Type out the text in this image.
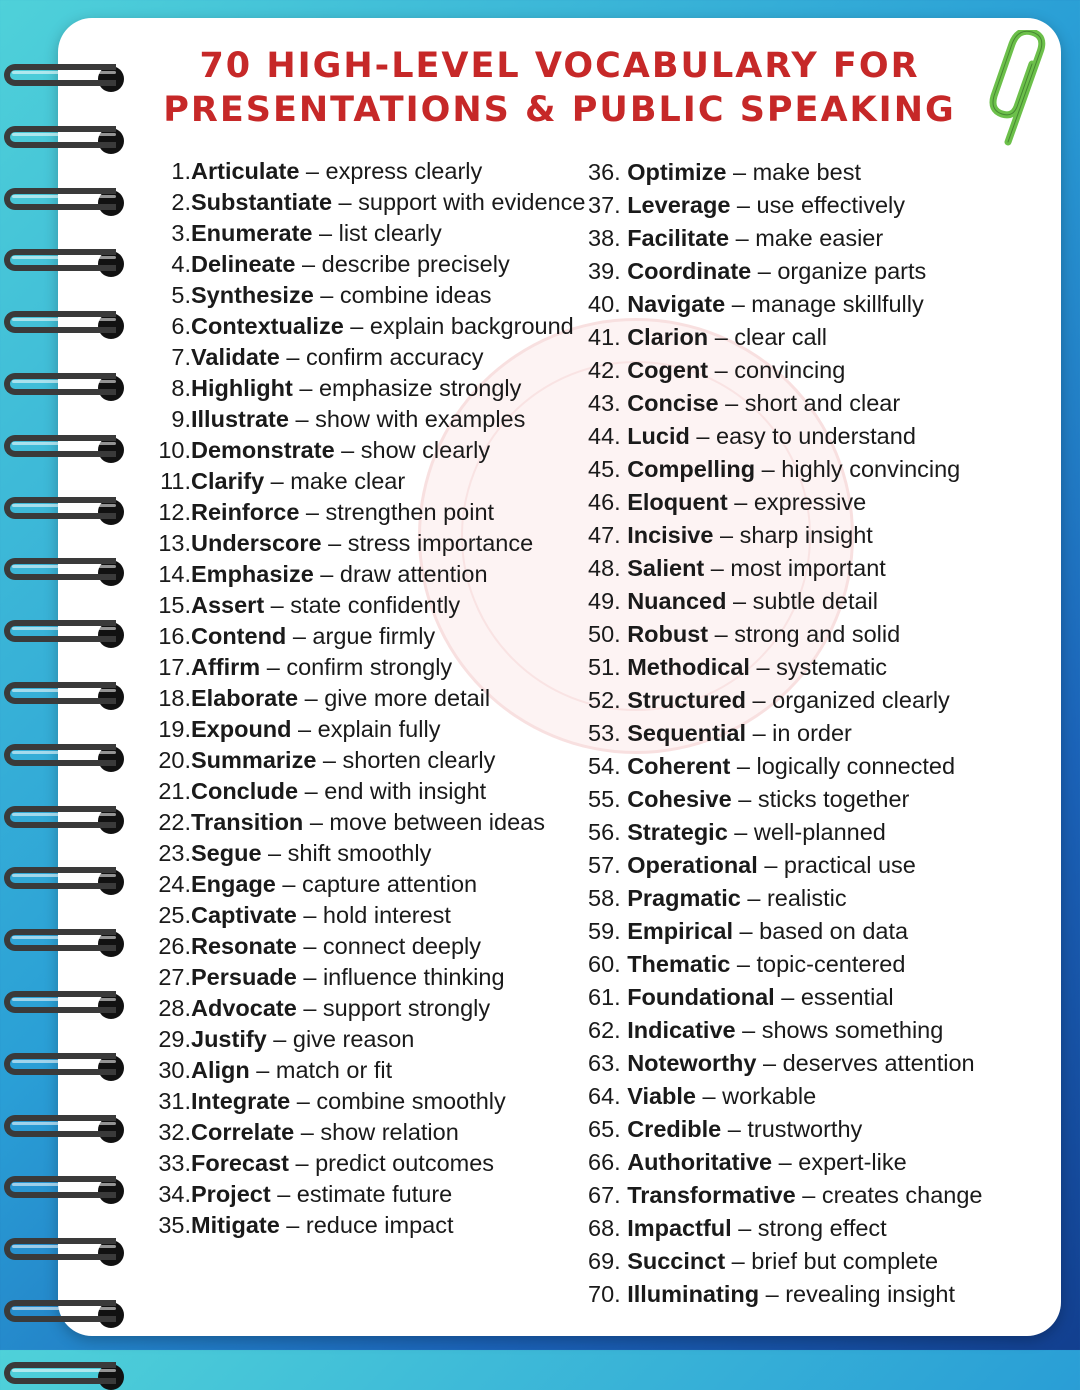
70 HIGH-LEVEL VOCABULARY FOR
PRESENTATIONS & PUBLIC SPEAKING
1. Articulate – express clearly
2. Substantiate – support with evidence
3. Enumerate – list clearly
4. Delineate – describe precisely
5. Synthesize – combine ideas
6. Contextualize – explain background
7. Validate – confirm accuracy
8. Highlight – emphasize strongly
9. Illustrate – show with examples
10. Demonstrate – show clearly
11. Clarify – make clear
12. Reinforce – strengthen point
13. Underscore – stress importance
14. Emphasize – draw attention
15. Assert – state confidently
16. Contend – argue firmly
17. Affirm – confirm strongly
18. Elaborate – give more detail
19. Expound – explain fully
20. Summarize – shorten clearly
21. Conclude – end with insight
22. Transition – move between ideas
23. Segue – shift smoothly
24. Engage – capture attention
25. Captivate – hold interest
26. Resonate – connect deeply
27. Persuade – influence thinking
28. Advocate – support strongly
29. Justify – give reason
30. Align – match or fit
31. Integrate – combine smoothly
32. Correlate – show relation
33. Forecast – predict outcomes
34. Project – estimate future
35. Mitigate – reduce impact
36. Optimize – make best
37. Leverage – use effectively
38. Facilitate – make easier
39. Coordinate – organize parts
40. Navigate – manage skillfully
41. Clarion – clear call
42. Cogent – convincing
43. Concise – short and clear
44. Lucid – easy to understand
45. Compelling – highly convincing
46. Eloquent – expressive
47. Incisive – sharp insight
48. Salient – most important
49. Nuanced – subtle detail
50. Robust – strong and solid
51. Methodical – systematic
52. Structured – organized clearly
53. Sequential – in order
54. Coherent – logically connected
55. Cohesive – sticks together
56. Strategic – well-planned
57. Operational – practical use
58. Pragmatic – realistic
59. Empirical – based on data
60. Thematic – topic-centered
61. Foundational – essential
62. Indicative – shows something
63. Noteworthy – deserves attention
64. Viable – workable
65. Credible – trustworthy
66. Authoritative – expert-like
67. Transformative – creates change
68. Impactful – strong effect
69. Succinct – brief but complete
70. Illuminating – revealing insight
